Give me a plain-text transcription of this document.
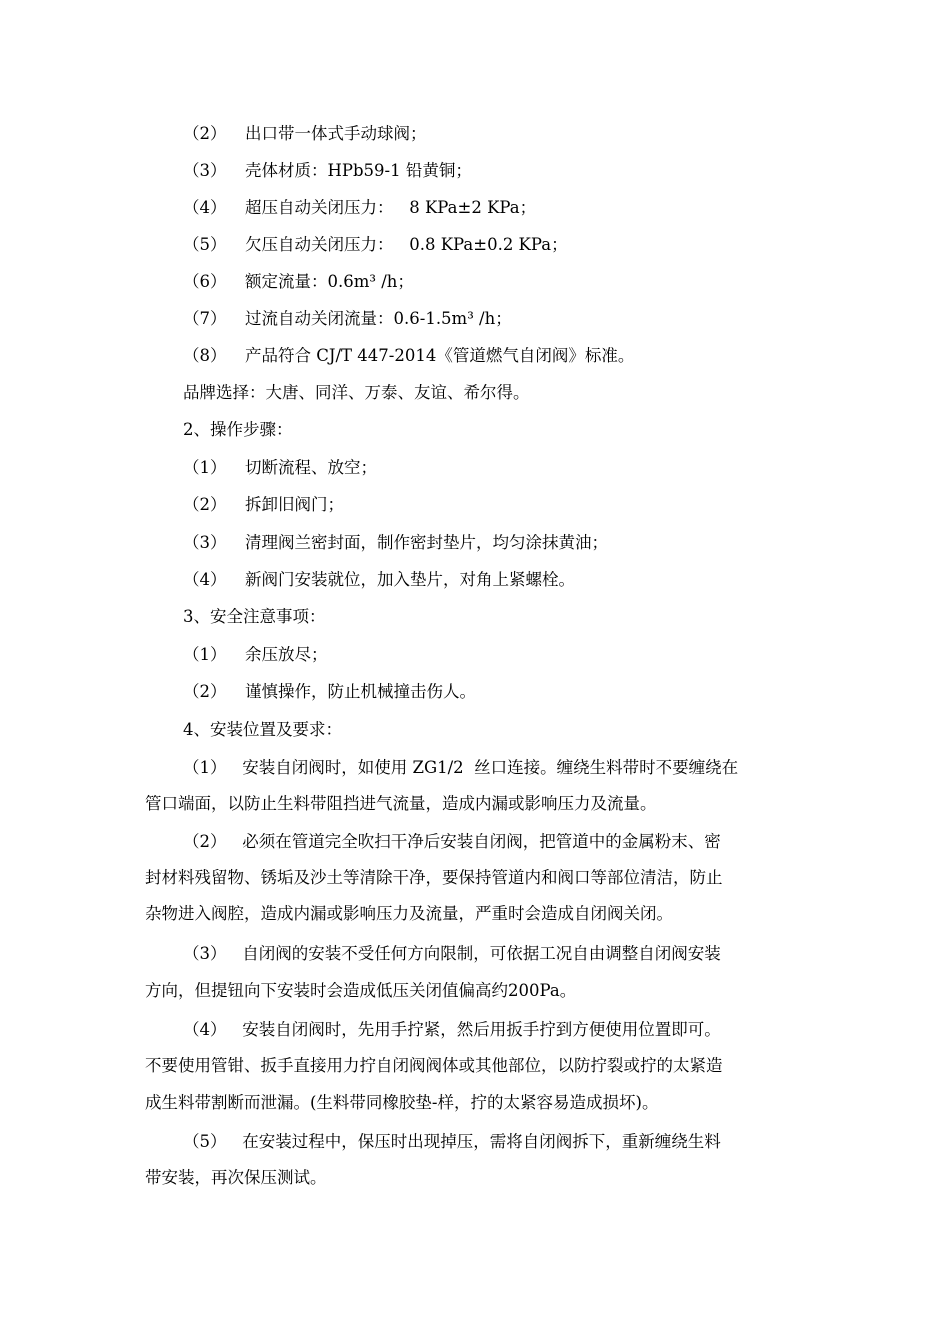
（2） 出口带一体式手动球阀；
（3） 壳体材质：HPb59-1 铅黄铜；
（4） 超压自动关闭压力：   8 KPa±2 KPa；
（5） 欠压自动关闭压力：   0.8 KPa±0.2 KPa；
（6） 额定流量：0.6m³ /h；
（7） 过流自动关闭流量：0.6-1.5m³ /h；
（8） 产品符合 CJ/T 447-2014《管道燃气自闭阀》标准。
品牌选择：大唐、同洋、万泰、友谊、希尔得。
2、操作步骤：
（1） 切断流程、放空；
（2） 拆卸旧阀门；
（3） 清理阀兰密封面，制作密封垫片，均匀涂抹黄油；
（4） 新阀门安装就位，加入垫片，对角上紧螺栓。
3、安全注意事项：
（1） 余压放尽；
（2） 谨慎操作，防止机械撞击伤人。
4、安装位置及要求：
（1）   安装自闭阀时，如使用 ZG1/2  丝口连接。缠绕生料带时不要缠绕在
管口端面，以防止生料带阻挡进气流量，造成内漏或影响压力及流量。
（2）   必须在管道完全吹扫干净后安装自闭阀，把管道中的金属粉末、密
封材料残留物、锈垢及沙土等清除干净，要保持管道内和阀口等部位清洁，防止
杂物进入阀腔，造成内漏或影响压力及流量，严重时会造成自闭阀关闭。
（3）   自闭阀的安装不受任何方向限制，可依据工况自由调整自闭阀安装
方向，但提钮向下安装时会造成低压关闭值偏高约200Pa。
（4）   安装自闭阀时，先用手拧紧，然后用扳手拧到方便使用位置即可。
不要使用管钳、扳手直接用力拧自闭阀阀体或其他部位，以防拧裂或拧的太紧造
成生料带割断而泄漏。(生料带同橡胶垫-样，拧的太紧容易造成损坏)。
（5）   在安装过程中，保压时出现掉压，需将自闭阀拆下，重新缠绕生料
带安装，再次保压测试。
